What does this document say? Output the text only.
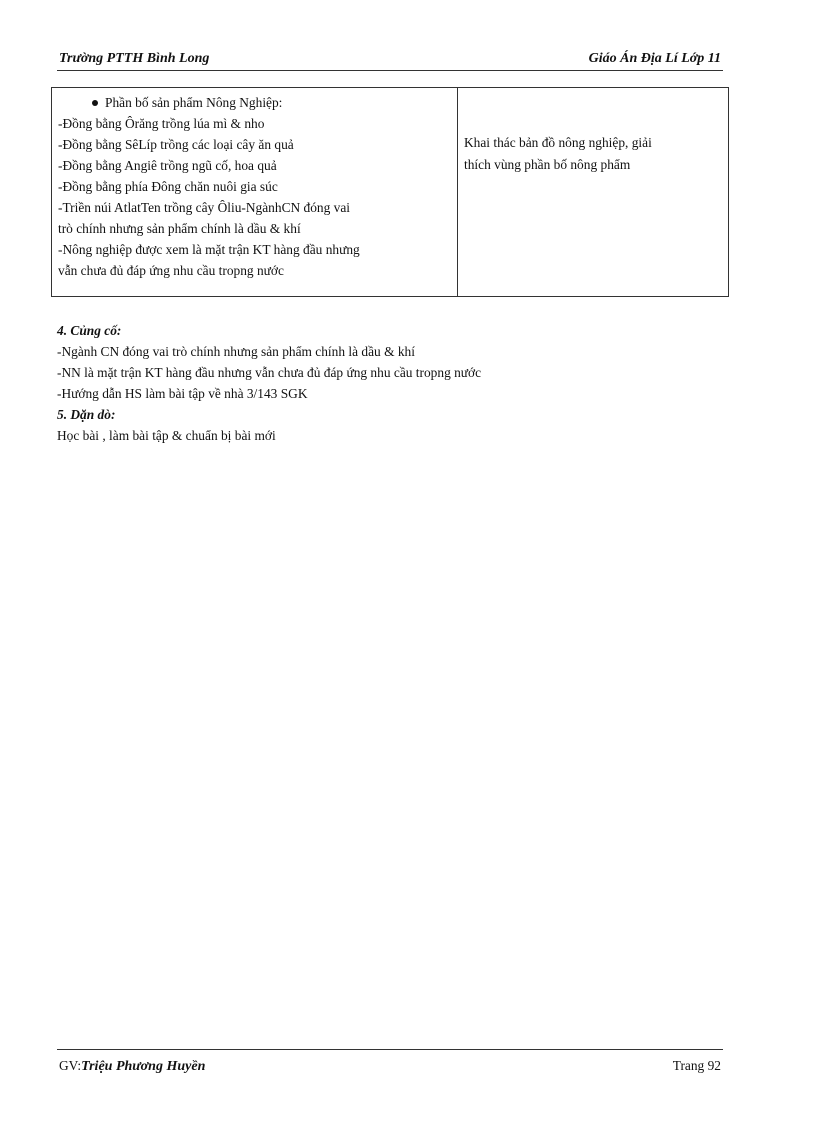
Trường PTTH Bình Long	Giáo Án Địa Lí Lớp 11
Phần bố sản phẩm Nông Nghiệp:
-Đồng bằng Ôrăng trồng lúa mì & nho
-Đồng bằng SêLíp trồng các loại cây ăn quả
-Đồng bằng Angiê trồng ngũ cố, hoa quả
-Đồng bằng phía Đông chăn nuôi gia súc
-Triền núi AtlatTen trồng cây Ôliu-NgànhCN đóng vai
trò chính nhưng sản phẩm chính là dầu & khí
-Nông nghiệp được xem là mặt trận KT hàng đầu nhưng
vẫn chưa đủ đáp ứng nhu cầu tropng nước
Khai thác bản đồ nông nghiệp, giải
thích vùng phần bố nông phẩm
4. Củng cố:
-Ngành CN đóng vai trò chính nhưng sản phẩm chính là dầu & khí
-NN là mặt trận KT hàng đầu nhưng vẫn chưa đủ đáp ứng nhu cầu tropng nước
-Hướng dẫn HS làm bài tập về nhà 3/143 SGK
5. Dặn dò:
Học bài , làm bài tập & chuẩn bị bài mới
GV:Triệu Phương Huyền	Trang 92
